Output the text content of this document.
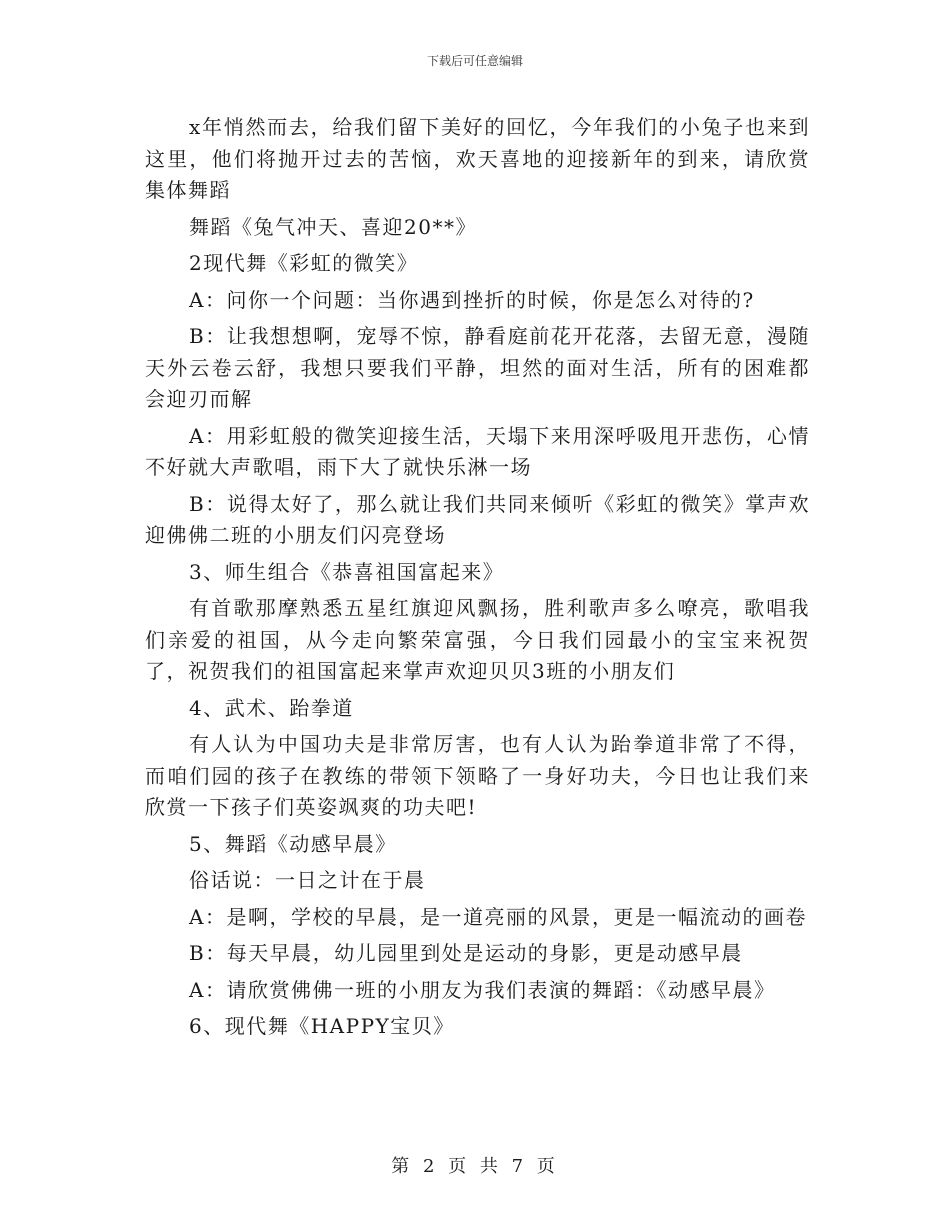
下载后可任意编辑

x年悄然而去，给我们留下美好的回忆，今年我们的小兔子也来到这里，他们将抛开过去的苦恼，欢天喜地的迎接新年的到来，请欣赏集体舞蹈

舞蹈《兔气冲天、喜迎20**》

2现代舞《彩虹的微笑》

A：问你一个问题：当你遇到挫折的时候，你是怎么对待的?

B：让我想想啊，宠辱不惊，静看庭前花开花落，去留无意，漫随天外云卷云舒，我想只要我们平静，坦然的面对生活，所有的困难都会迎刃而解

A：用彩虹般的微笑迎接生活，天塌下来用深呼吸甩开悲伤，心情不好就大声歌唱，雨下大了就快乐淋一场

B：说得太好了，那么就让我们共同来倾听《彩虹的微笑》掌声欢迎佛佛二班的小朋友们闪亮登场

3、师生组合《恭喜祖国富起来》

有首歌那摩熟悉五星红旗迎风飘扬，胜利歌声多么嘹亮，歌唱我们亲爱的祖国，从今走向繁荣富强，今日我们园最小的宝宝来祝贺了，祝贺我们的祖国富起来掌声欢迎贝贝3班的小朋友们

4、武术、跆拳道

有人认为中国功夫是非常厉害，也有人认为跆拳道非常了不得，而咱们园的孩子在教练的带领下领略了一身好功夫，今日也让我们来欣赏一下孩子们英姿飒爽的功夫吧!

5、舞蹈《动感早晨》

俗话说：一日之计在于晨

A：是啊，学校的早晨，是一道亮丽的风景，更是一幅流动的画卷

B：每天早晨，幼儿园里到处是运动的身影，更是动感早晨

A：请欣赏佛佛一班的小朋友为我们表演的舞蹈：《动感早晨》

6、现代舞《HAPPY宝贝》

第 2 页 共 7 页
